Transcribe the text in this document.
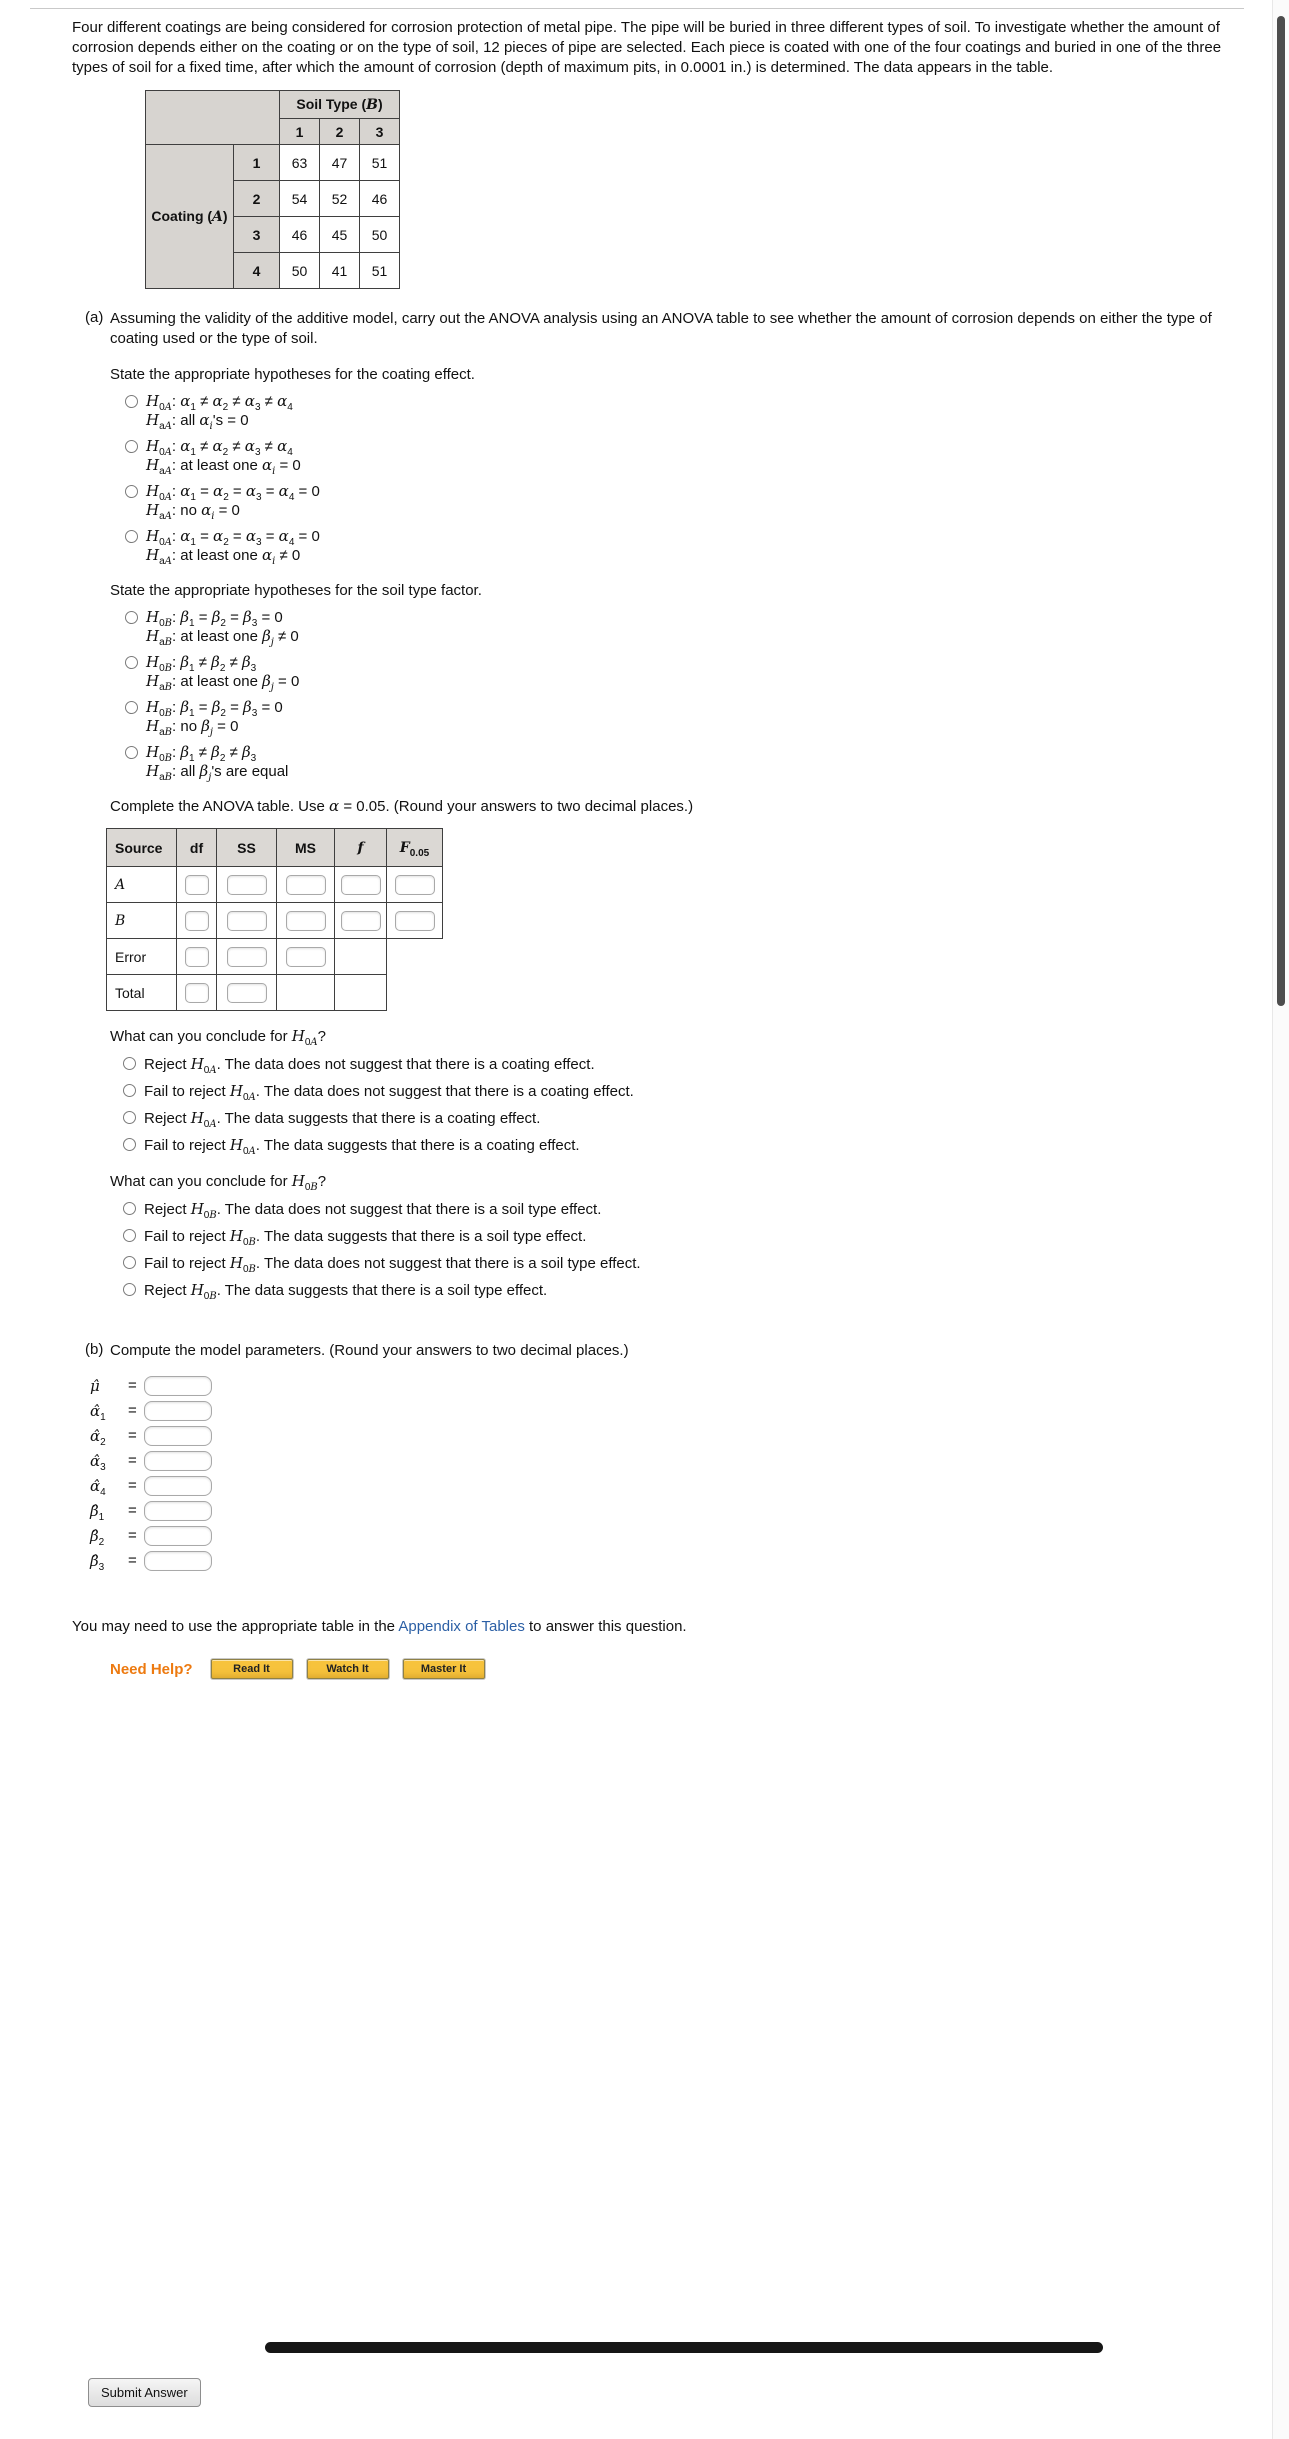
Four different coatings are being considered for corrosion protection of metal pipe. The pipe will be buried in three different types of soil. To investigate whether the amount of corrosion depends either on the coating or on the type of soil, 12 pieces of pipe are selected. Each piece is coated with one of the four coatings and buried in one of the three types of soil for a fixed time, after which the amount of corrosion (depth of maximum pits, in 0.0001 in.) is determined. The data appears in the table.

		Soil Type (B)		
		1	2	3
Coating (A)	1	63	47	51
	2	54	52	46
	3	46	45	50
	4	50	41	51
(a) Assuming the validity of the additive model, carry out the ANOVA analysis using an ANOVA table to see whether the amount of corrosion depends on either the type of coating used or the type of soil.

State the appropriate hypotheses for the coating effect.

$H_{0A}$: $\alpha_1 \ne \alpha_2 \ne \alpha_3 \ne \alpha_4$
$H_{aA}$: all $\alpha_i's = 0$
$H_{0A}$: $\alpha_1 \ne \alpha_2 \ne \alpha_3 \ne \alpha_4$
$H_{aA}$: at least one $\alpha_i = 0$
$H_{0A}$: $\alpha_1 = \alpha_2 = \alpha_3 = \alpha_4 = 0$
$H_{aA}$: no $\alpha_i = 0$
$H_{0A}$: $\alpha_1 = \alpha_2 = \alpha_3 = \alpha_4 = 0$
$H_{aA}$: at least one $\alpha_i \ne 0$

State the appropriate hypotheses for the soil type factor.

$H_{0B}$: $\beta_1 = \beta_2 = \beta_3 = 0$
$H_{aB}$: at least one $\beta_j \ne 0$
$H_{0B}$: $\beta_1 \ne \beta_2 \ne \beta_3$
$H_{aB}$: at least one $\beta_j = 0$
$H_{0B}$: $\beta_1 = \beta_2 = \beta_3 = 0$
$H_{aB}$: no $\beta_j = 0$
$H_{0B}$: $\beta_1 \ne \beta_2 \ne \beta_3$
$H_{aB}$: all $\beta_j's$ are equal

Complete the ANOVA table. Use α = 0.05. (Round your answers to two decimal places.)

Source	df	SS	MS	f	$F_{0.05}$
A					
B					
Error					
Total					

What can you conclude for $H_{0A}$?

Reject $H_{0A}$. The data does not suggest that there is a coating effect.
Fail to reject $H_{0A}$. The data does not suggest that there is a coating effect.
Reject $H_{0A}$. The data suggests that there is a coating effect.
Fail to reject $H_{0A}$. The data suggests that there is a coating effect.

What can you conclude for $H_{0B}$?

Reject $H_{0B}$. The data does not suggest that there is a soil type effect.
Fail to reject $H_{0B}$. The data suggests that there is a soil type effect.
Fail to reject $H_{0B}$. The data does not suggest that there is a soil type effect.
Reject $H_{0B}$. The data suggests that there is a soil type effect.
(b) Compute the model parameters. (Round your answers to two decimal places.)

μ̂	=
$\alphâ_1$	=
$\alphâ_2$	=
$\alphâ_3$	=
$\alphâ_4$	=
$\betâ_1$	=
$\betâ_2$	=
$\betâ_3$	=

You may need to use the appropriate table in the Appendix of Tables to answer this question.

Need Help?	Read It	Watch It	Master It
Submit Answer
